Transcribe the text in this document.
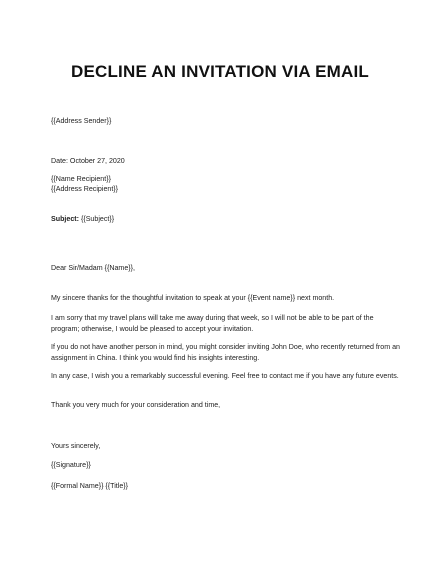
DECLINE AN INVITATION VIA EMAIL
{{Address Sender}}
Date: October 27, 2020
{{Name Recipient}}
{{Address Recipient}}
Subject: {{Subject}}
Dear Sir/Madam {{Name}},
My sincere thanks for the thoughtful invitation to speak at your {{Event name}} next month.
I am sorry that my travel plans will take me away during that week, so I will not be able to be part of the program; otherwise, I would be pleased to accept your invitation.
If you do not have another person in mind, you might consider inviting John Doe, who recently returned from an assignment in China. I think you would find his insights interesting.
In any case, I wish you a remarkably successful evening. Feel free to contact me if you have any future events.
Thank you very much for your consideration and time,
Yours sincerely,
{{Signature}}
{{Formal Name}} {{Title}}
